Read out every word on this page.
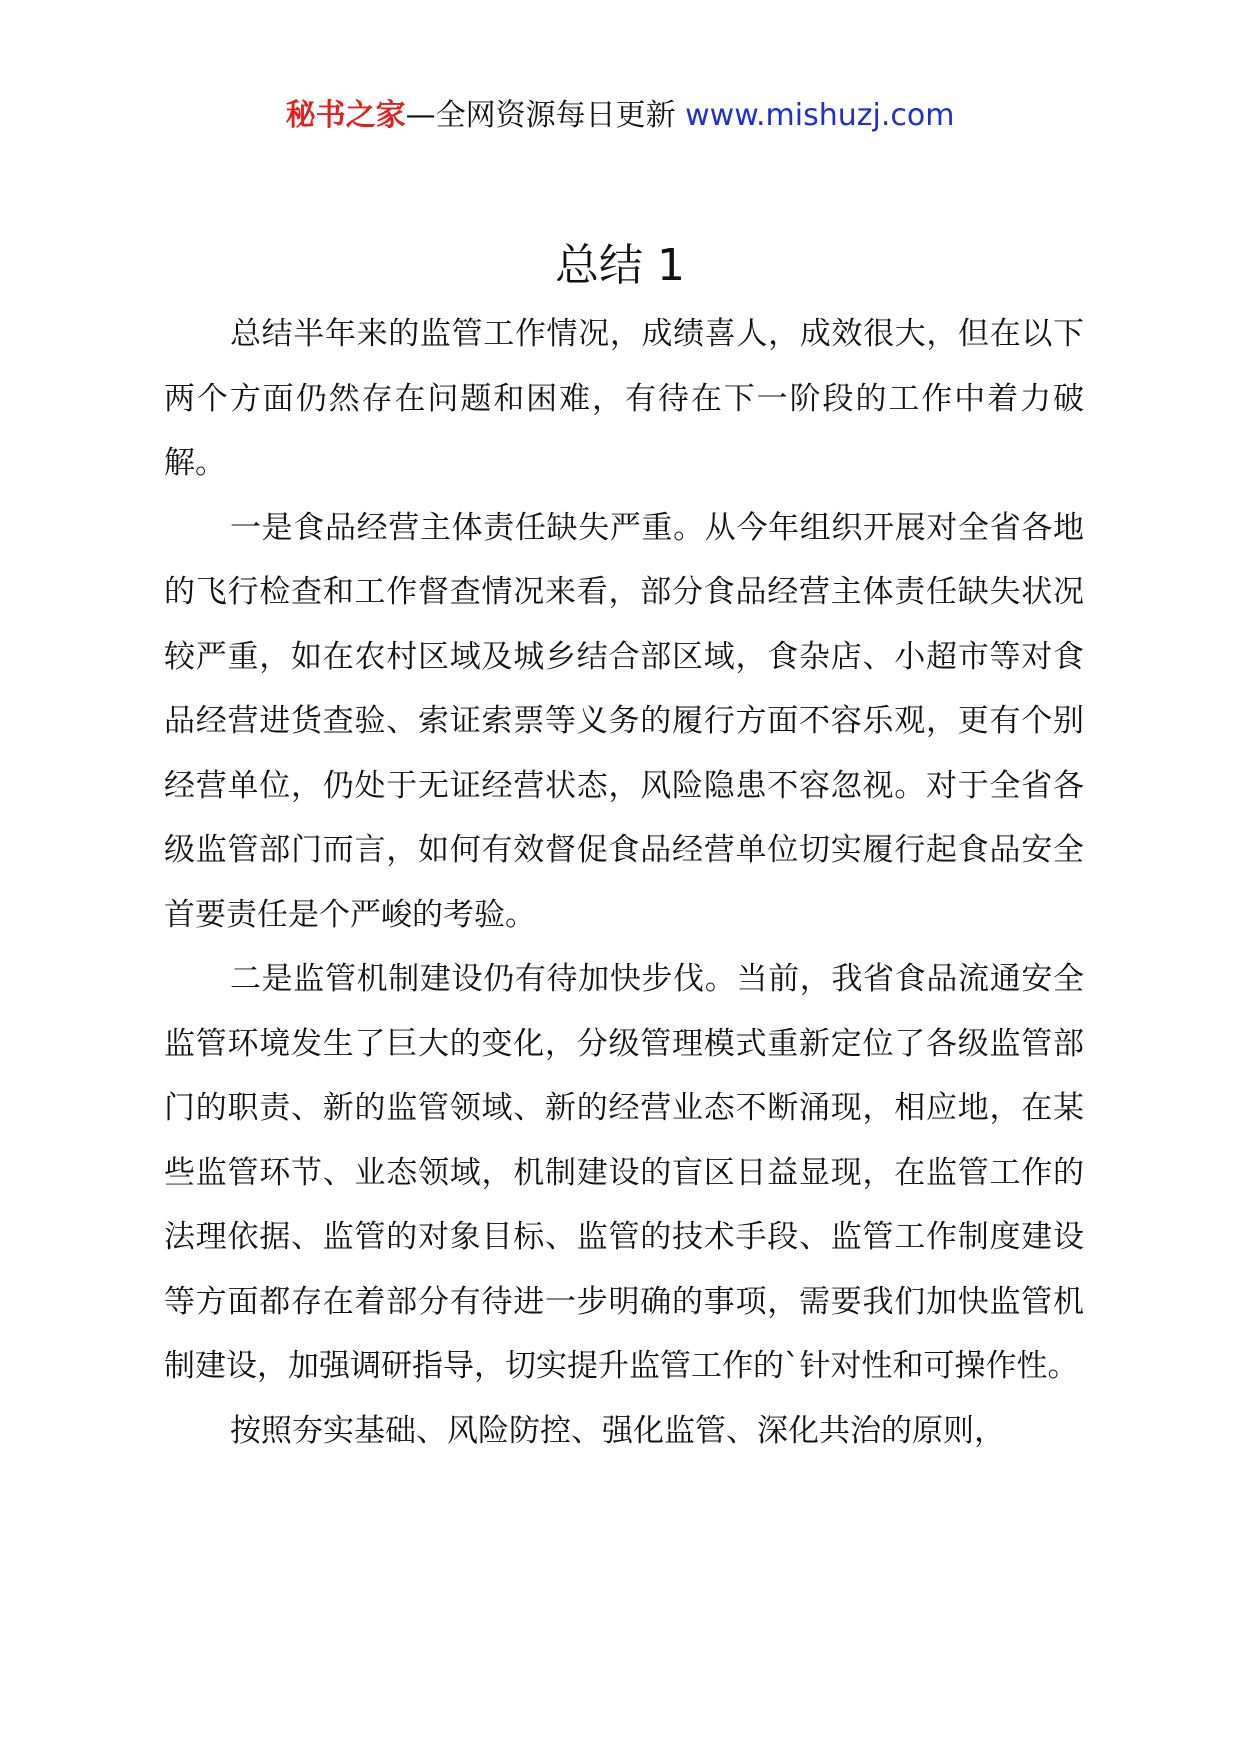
秘书之家—全网资源每日更新 www.mishuzj.com
总结 1

总结半年来的监管工作情况，成绩喜人，成效很大，但在以下两个方面仍然存在问题和困难，有待在下一阶段的工作中着力破解。

一是食品经营主体责任缺失严重。从今年组织开展对全省各地的飞行检查和工作督查情况来看，部分食品经营主体责任缺失状况较严重，如在农村区域及城乡结合部区域，食杂店、小超市等对食品经营进货查验、索证索票等义务的履行方面不容乐观，更有个别经营单位，仍处于无证经营状态，风险隐患不容忽视。对于全省各级监管部门而言，如何有效督促食品经营单位切实履行起食品安全首要责任是个严峻的考验。

二是监管机制建设仍有待加快步伐。当前，我省食品流通安全监管环境发生了巨大的变化，分级管理模式重新定位了各级监管部门的职责、新的监管领域、新的经营业态不断涌现，相应地，在某些监管环节、业态领域，机制建设的盲区日益显现，在监管工作的法理依据、监管的对象目标、监管的技术手段、监管工作制度建设等方面都存在着部分有待进一步明确的事项，需要我们加快监管机制建设，加强调研指导，切实提升监管工作的`针对性和可操作性。

按照夯实基础、风险防控、强化监管、深化共治的原则，
